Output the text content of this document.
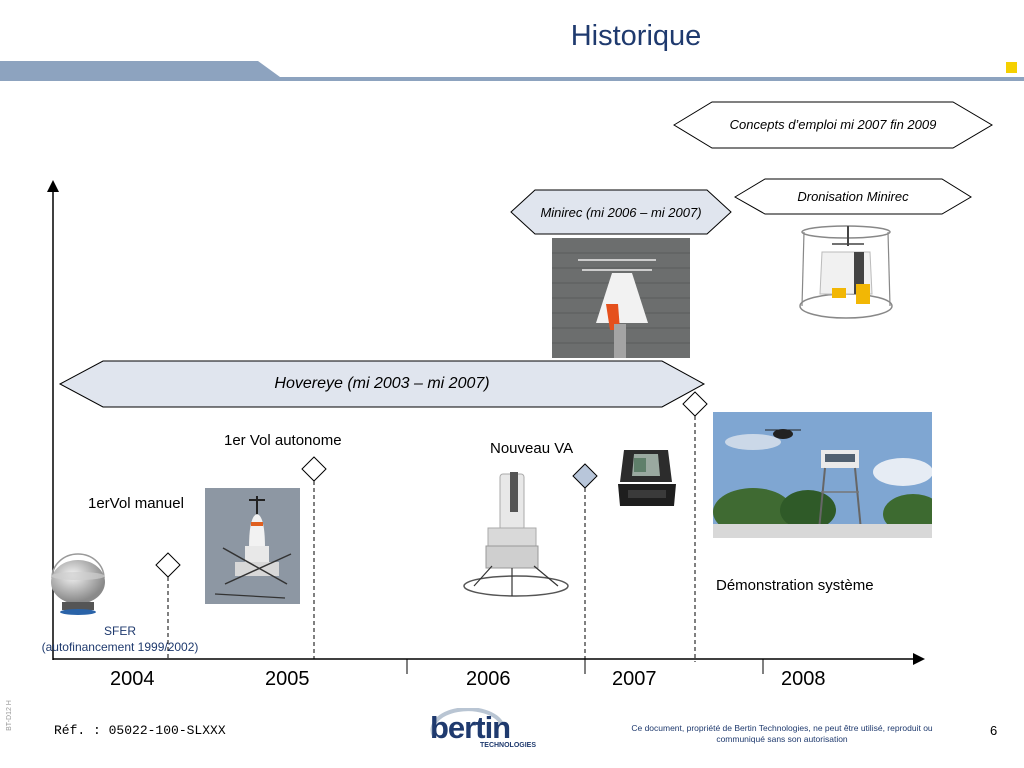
Historique
BT-D12 H
Concepts d’emploi mi 2007 fin 2009
Dronisation Minirec
Minirec (mi 2006 – mi 2007)
Hovereye (mi 2003 – mi 2007)
1erVol manuel
1er Vol autonome	Nouveau VA
Démonstration système
SFER
(autofinancement 1999/2002)
2004	2005	2006	2007	2008
Réf. : 05022-100-SLXXX	bertin
TECHNOLOGIES
Ce document, propriété de Bertin Technologies, ne peut être utilisé, reproduit ou
communiqué sans son autorisation
6
